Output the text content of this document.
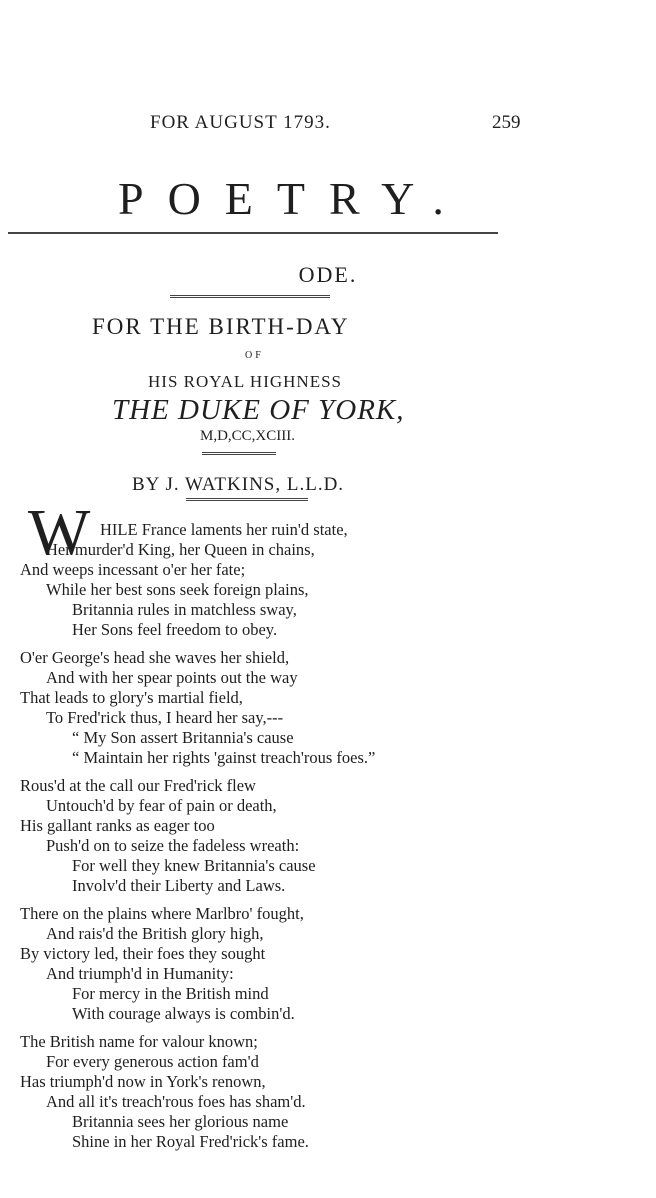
FOR AUGUST 1793.	259
POETRY.
ODE.
FOR THE BIRTH-DAY
OF
HIS ROYAL HIGHNESS
THE DUKE OF YORK,
M,D,CC,XCIII.
BY J. WATKINS, L.L.D.
W HILE France laments her ruin'd state,
Her murder'd King, her Queen in chains,
And weeps incessant o'er her fate;
While her best sons seek foreign plains,
Britannia rules in matchless sway,
Her Sons feel freedom to obey.
O'er George's head she waves her shield,
And with her spear points out the way
That leads to glory's martial field,
To Fred'rick thus, I heard her say,---
“ My Son assert Britannia's cause
“ Maintain her rights 'gainst treach'rous foes.”
Rous'd at the call our Fred'rick flew
Untouch'd by fear of pain or death,
His gallant ranks as eager too
Push'd on to seize the fadeless wreath:
For well they knew Britannia's cause
Involv'd their Liberty and Laws.
There on the plains where Marlbro' fought,
And rais'd the British glory high,
By victory led, their foes they sought
And triumph'd in Humanity:
For mercy in the British mind
With courage always is combin'd.
The British name for valour known;
For every generous action fam'd
Has triumph'd now in York's renown,
And all it's treach'rous foes has sham'd.
Britannia sees her glorious name
Shine in her Royal Fred'rick's fame.
